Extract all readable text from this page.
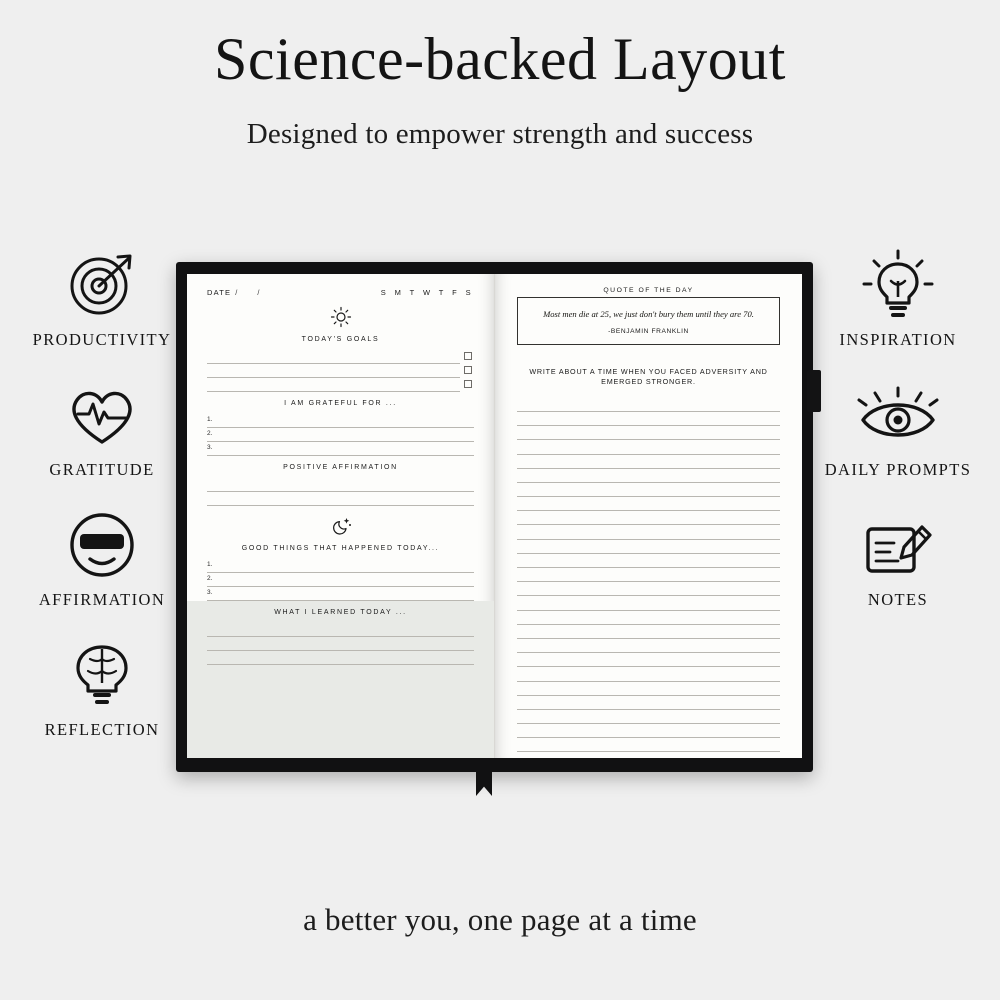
Science-backed Layout
Designed to empower strength and success
PRODUCTIVITY
GRATITUDE
AFFIRMATION
REFLECTION
INSPIRATION
DAILY PROMPTS
NOTES
DATE / /	S M T W T F S
TODAY'S GOALS
I AM GRATEFUL FOR ...
1.
2.
3.
POSITIVE AFFIRMATION
GOOD THINGS THAT HAPPENED TODAY...
1.
2.
3.
WHAT I LEARNED TODAY ...
QUOTE OF THE DAY
Most men die at 25, we just don't bury them until they are 70.
-BENJAMIN FRANKLIN
WRITE ABOUT A TIME WHEN YOU FACED ADVERSITY AND EMERGED STRONGER.
a better you, one page at a time
